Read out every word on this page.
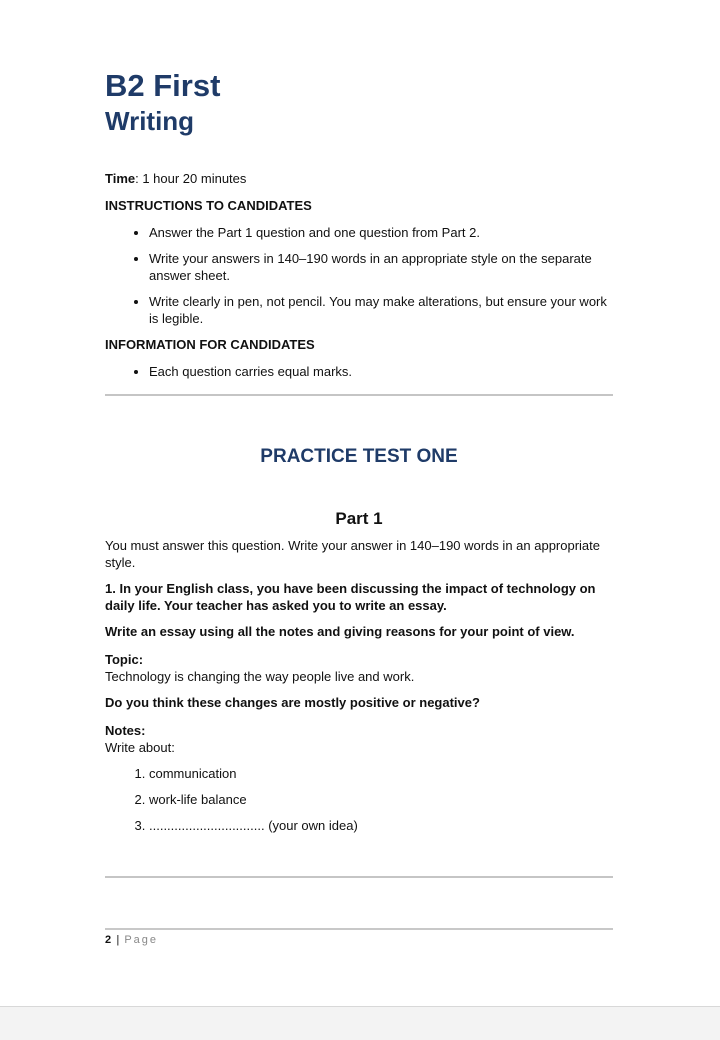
B2 First
Writing

Time: 1 hour 20 minutes

INSTRUCTIONS TO CANDIDATES
• Answer the Part 1 question and one question from Part 2.
• Write your answers in 140–190 words in an appropriate style on the separate answer sheet.
• Write clearly in pen, not pencil. You may make alterations, but ensure your work is legible.
INFORMATION FOR CANDIDATES
• Each question carries equal marks.
PRACTICE TEST ONE
Part 1

You must answer this question. Write your answer in 140–190 words in an appropriate style.

1. In your English class, you have been discussing the impact of technology on daily life. Your teacher has asked you to write an essay.

Write an essay using all the notes and giving reasons for your point of view.

Topic:

Technology is changing the way people live and work.

Do you think these changes are mostly positive or negative?

Notes:

Write about:

1. communication
2. work-life balance
3. ................................ (your own idea)
2 | Page
